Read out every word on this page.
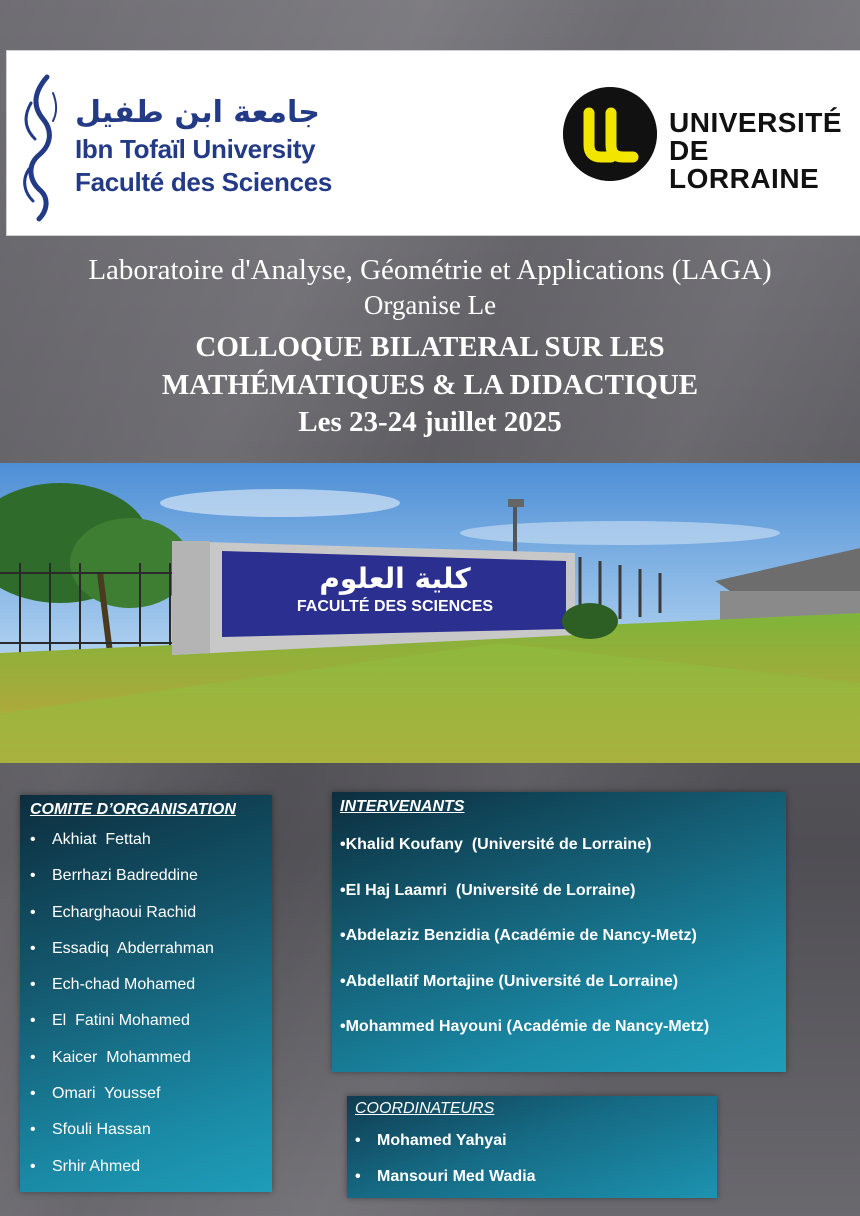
جامعة ابن طفيل
Ibn Tofaïl University
Faculté des Sciences
UNIVERSITÉ
DE LORRAINE
Laboratoire d'Analyse, Géométrie et Applications (LAGA)
Organise Le
COLLOQUE BILATERAL SUR LES
MATHÉMATIQUES & LA DIDACTIQUE
Les 23-24 juillet 2025
كلية العلوم
FACULTÉ DES SCIENCES
COMITE D’ORGANISATION
• Akhiat  Fettah
• Berrhazi Badreddine
• Echarghaoui Rachid
• Essadiq  Abderrahman
• Ech-chad Mohamed
• El  Fatini Mohamed
• Kaicer  Mohammed
• Omari  Youssef
• Sfouli Hassan
• Srhir Ahmed
INTERVENANTS
•Khalid Koufany  (Université de Lorraine)
•El Haj Laamri  (Université de Lorraine)
•Abdelaziz Benzidia (Académie de Nancy-Metz)
•Abdellatif Mortajine (Université de Lorraine)
•Mohammed Hayouni (Académie de Nancy-Metz)
COORDINATEURS
• Mohamed Yahyai
• Mansouri Med Wadia
